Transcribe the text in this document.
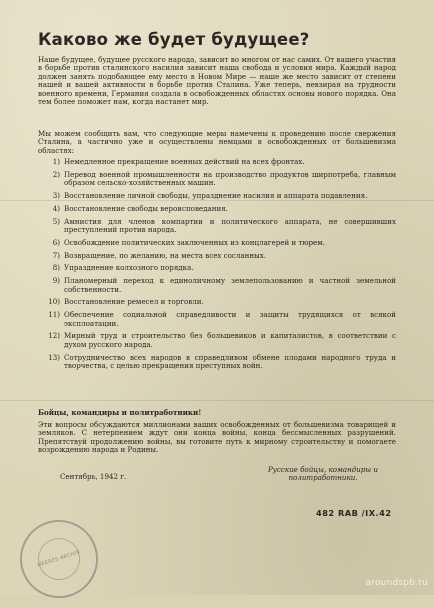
Каково же будет будущее?
Наше будущее, будущее русского народа, зависит во многом от нас самих. От вашего участия в борьбе против сталинского насилия зависит наша свобода и условия мира. Каждый народ должен занять подобающее ему место в Новом Мире — наше же место зависит от степени нашей и вашей активности в борьбе против Сталина. Уже теперь, невзирая на трудности военного времени, Германия создала в освобожденных областях основы нового порядка. Она тем более поможет нам, когда настанет мир.
Мы можем сообщить вам, что следующие меры намечены к проведению после свержения Сталина, а частично уже и осуществлены немцами в освобожденных от большевизма областях:
1) Немедленное прекращение военных действий на всех фронтах.
2) Перевод военной промышленности на производство продуктов ширпотреба, главным образом сельско-хозяйственных машин.
3) Восстановление личной свободы, упразднение насилия и аппарата подавления.
4) Восстановление свободы вероисповедания.
5) Амнистия для членов компартии и политического аппарата, не совершивших преступлений против народа.
6) Освобождение политических заключенных из концлагерей и тюрем.
7) Возвращение, по желанию, на места всех сосланных.
8) Упразднение колхозного порядка.
9) Планомерный переход к единоличному землепользованию и частной земельной собственности.
10) Восстановление ремесел и торговли.
11) Обеспечение социальной справедливости и защиты трудящихся от всякой эксплоатации.
12) Мирный труд и строительство без большевиков и капиталистов, в соответствии с духом русского народа.
13) Сотрудничество всех народов в справедливом обмене плодами народного труда и творчества, с целью прекращения преступных войн.
Бойцы, командиры и политработники!
Эти вопросы обсуждаются миллионами ваших освобожденных от большевизма товарищей и земляков. С нетерпением ждут они конца войны, конца бессмысленных разрушений. Препятствуй продолжению войны, вы готовите путь к мирному строительству и помогаете возрождению народа и Родины.
Сентябрь, 1942 г.
Русские бойцы, командиры и политработники.
482 RAB /IX.42
HEERES ARCHIV
aroundspb.ru
